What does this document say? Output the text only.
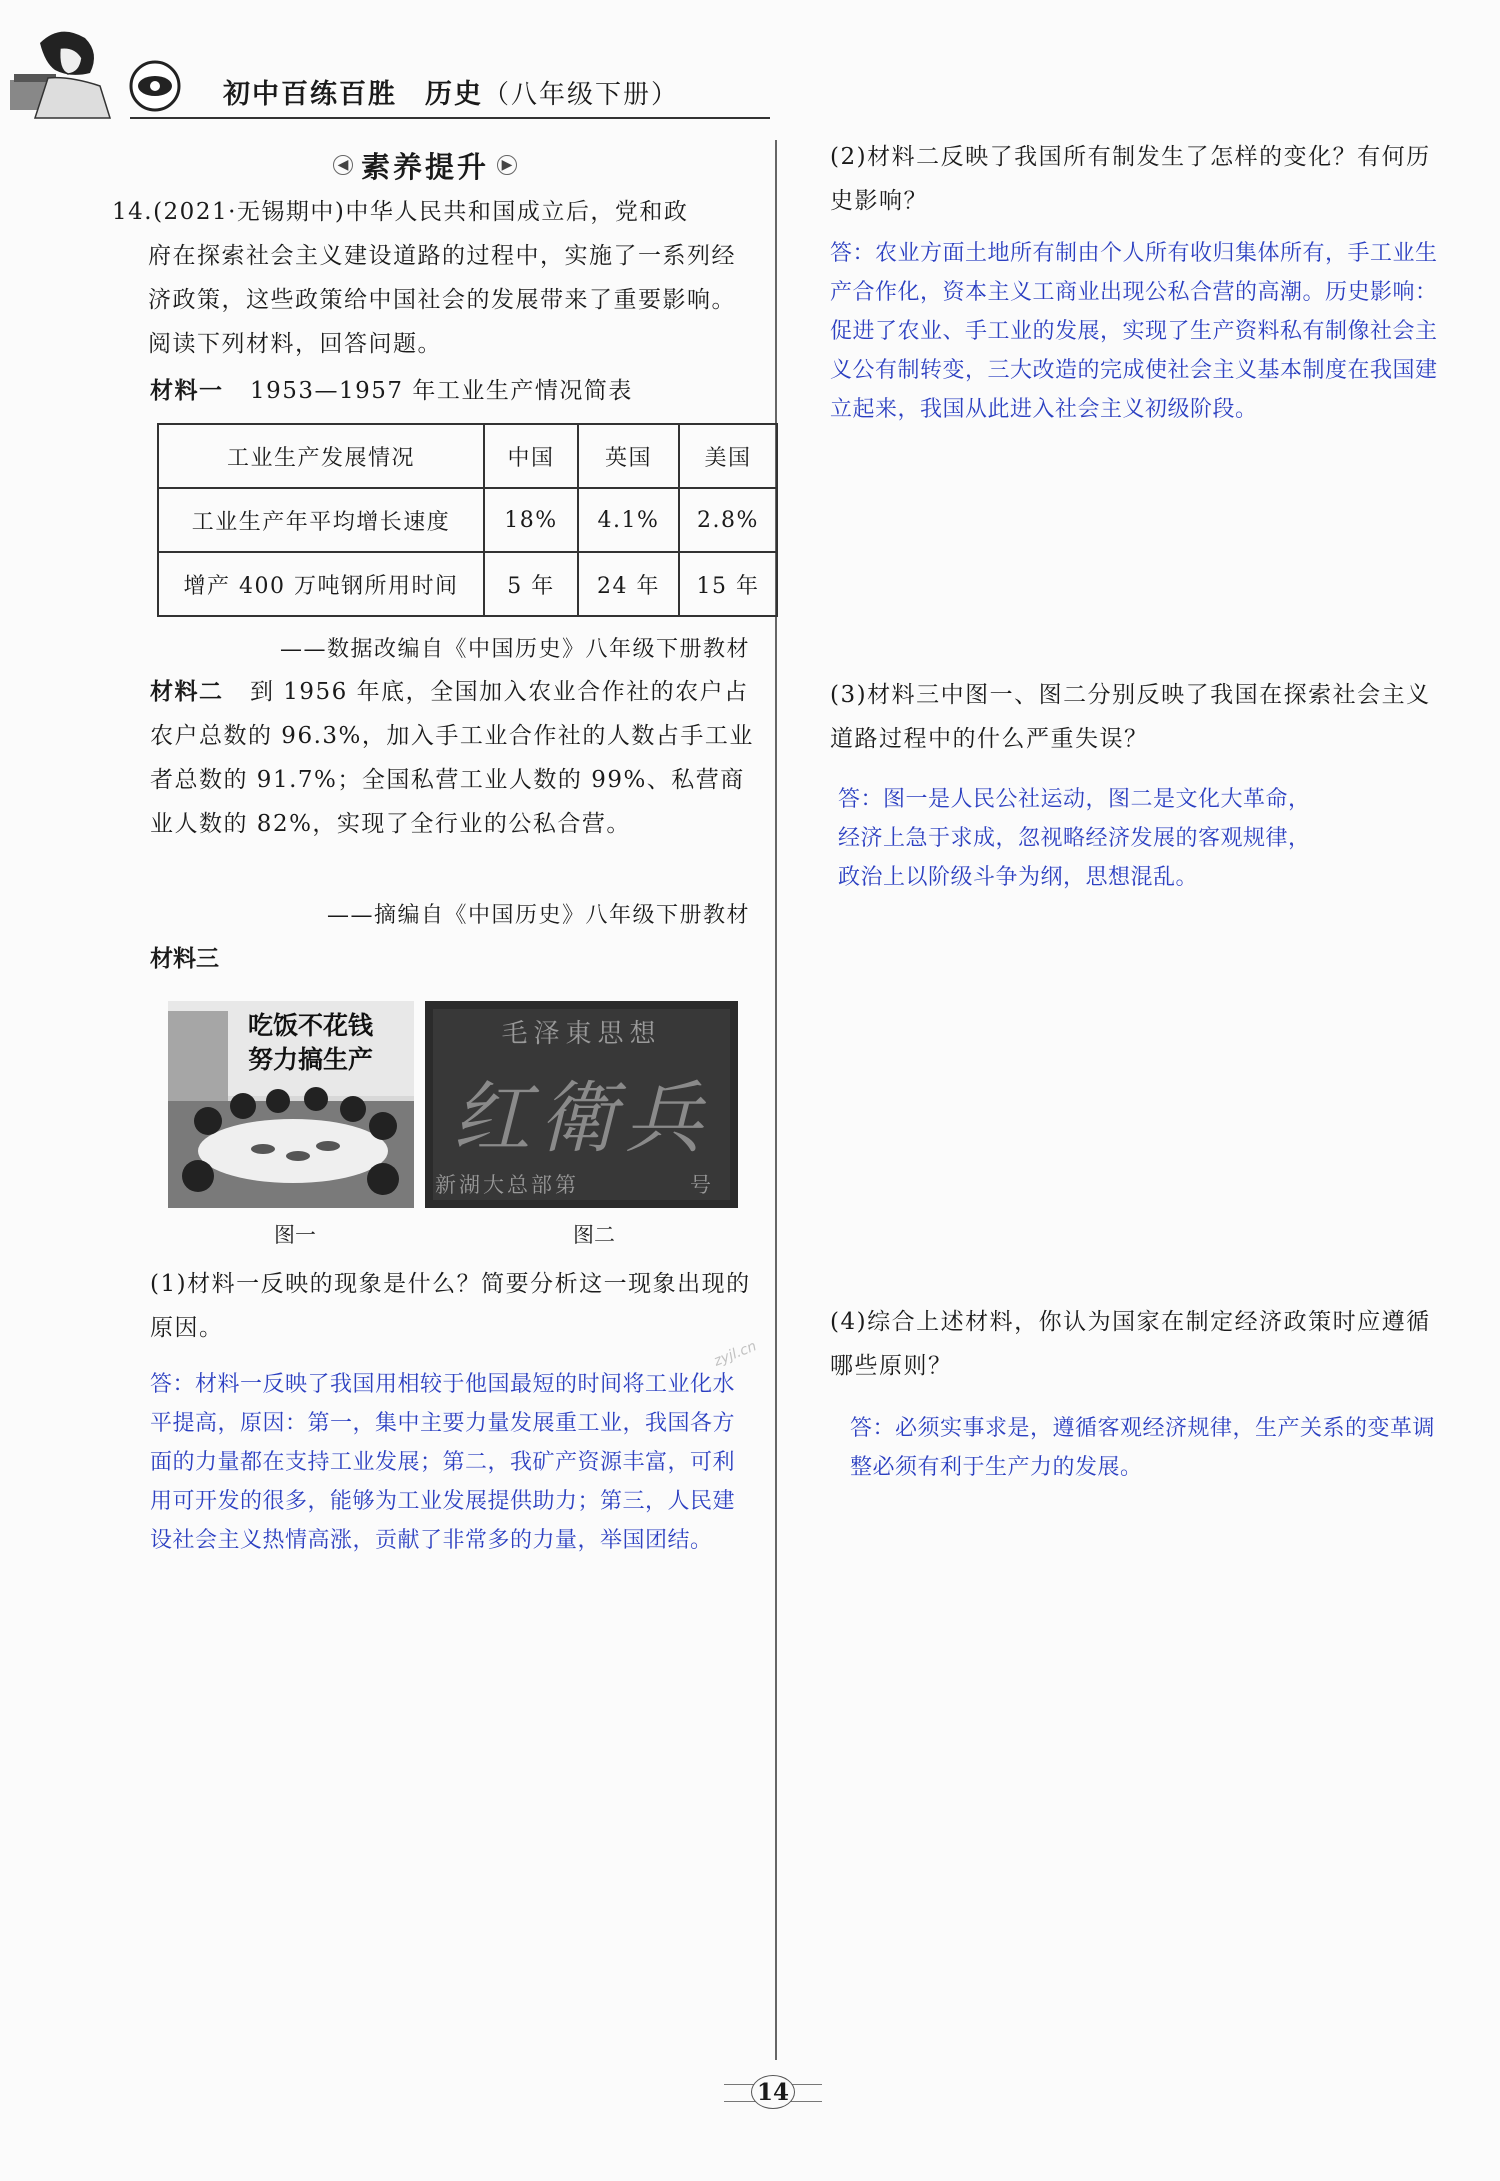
初中百练百胜 历史（八年级下册）
◀ 素养提升 ▶
14.(2021·无锡期中)中华人民共和国成立后，党和政
府在探索社会主义建设道路的过程中，实施了一系列经济政策，这些政策给中国社会的发展带来了重要影响。阅读下列材料，回答问题。
材料一 1953—1957 年工业生产情况简表
工业生产发展情况	中国	英国	美国
工业生产年平均增长速度	18%	4.1%	2.8%
增产 400 万吨钢所用时间	5 年	24 年	15 年
——数据改编自《中国历史》八年级下册教材
材料二 到 1956 年底，全国加入农业合作社的农户占农户总数的 96.3%，加入手工业合作社的人数占手工业者总数的 91.7%；全国私营工业人数的 99%、私营商业人数的 82%，实现了全行业的公私合营。
——摘编自《中国历史》八年级下册教材
材料三
吃饭不花钱
努力搞生产
毛泽東思想
红衛兵
新湖大总部第	号
图一	图二
(1)材料一反映的现象是什么？简要分析这一现象出现的原因。
答：材料一反映了我国用相较于他国最短的时间将工业化水平提高，原因：第一，集中主要力量发展重工业，我国各方面的力量都在支持工业发展；第二，我矿产资源丰富，可利用可开发的很多，能够为工业发展提供助力；第三，人民建设社会主义热情高涨，贡献了非常多的力量，举国团结。
zyjl.cn
(2)材料二反映了我国所有制发生了怎样的变化？有何历史影响？
答：农业方面土地所有制由个人所有收归集体所有，手工业生产合作化，资本主义工商业出现公私合营的高潮。历史影响：促进了农业、手工业的发展，实现了生产资料私有制像社会主义公有制转变，三大改造的完成使社会主义基本制度在我国建立起来，我国从此进入社会主义初级阶段。
(3)材料三中图一、图二分别反映了我国在探索社会主义道路过程中的什么严重失误？
答：图一是人民公社运动，图二是文化大革命，
经济上急于求成，忽视略经济发展的客观规律，
政治上以阶级斗争为纲，思想混乱。
(4)综合上述材料，你认为国家在制定经济政策时应遵循哪些原则？
答：必须实事求是，遵循客观经济规律，生产关系的变革调整必须有利于生产力的发展。
14
